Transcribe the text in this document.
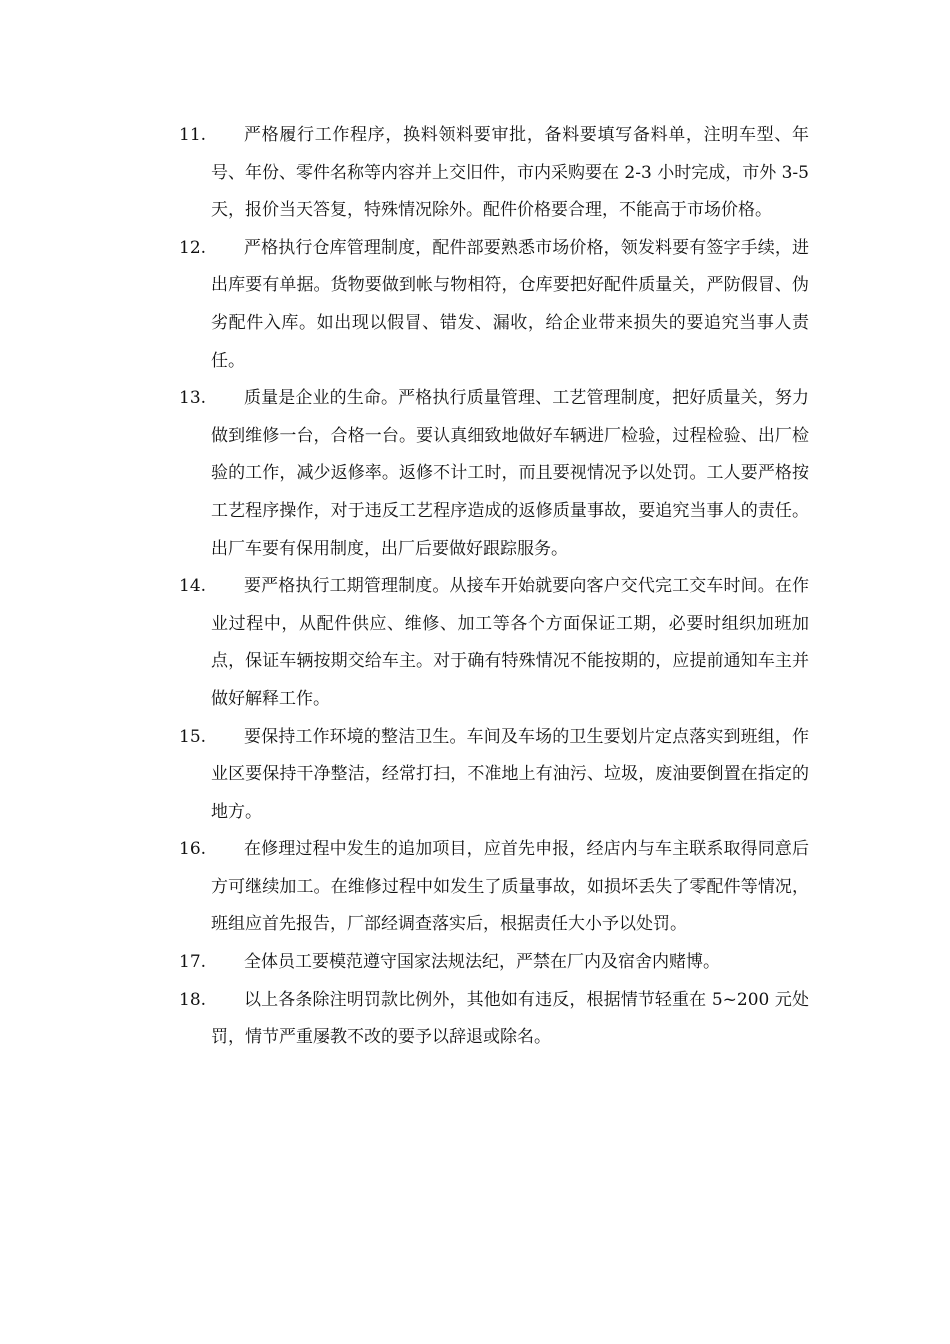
11.	严格履行工作程序，换料领料要审批，备料要填写备料单，注明车型、年号、年份、零件名称等内容并上交旧件，市内采购要在 2-3 小时完成，市外 3-5 天，报价当天答复，特殊情况除外。配件价格要合理，不能高于市场价格。
12.	严格执行仓库管理制度，配件部要熟悉市场价格，领发料要有签字手续，进出库要有单据。货物要做到帐与物相符，仓库要把好配件质量关，严防假冒、伪劣配件入库。如出现以假冒、错发、漏收，给企业带来损失的要追究当事人责任。
13.	质量是企业的生命。严格执行质量管理、工艺管理制度，把好质量关，努力做到维修一台，合格一台。要认真细致地做好车辆进厂检验，过程检验、出厂检验的工作，减少返修率。返修不计工时，而且要视情况予以处罚。工人要严格按工艺程序操作，对于违反工艺程序造成的返修质量事故，要追究当事人的责任。出厂车要有保用制度，出厂后要做好跟踪服务。
14.	要严格执行工期管理制度。从接车开始就要向客户交代完工交车时间。在作业过程中，从配件供应、维修、加工等各个方面保证工期，必要时组织加班加点，保证车辆按期交给车主。对于确有特殊情况不能按期的，应提前通知车主并做好解释工作。
15.	要保持工作环境的整洁卫生。车间及车场的卫生要划片定点落实到班组，作业区要保持干净整洁，经常打扫，不准地上有油污、垃圾，废油要倒置在指定的地方。
16.	在修理过程中发生的追加项目，应首先申报，经店内与车主联系取得同意后方可继续加工。在维修过程中如发生了质量事故，如损坏丢失了零配件等情况，班组应首先报告，厂部经调查落实后，根据责任大小予以处罚。
17.	全体员工要模范遵守国家法规法纪，严禁在厂内及宿舍内赌博。
18.	以上各条除注明罚款比例外，其他如有违反，根据情节轻重在 5~200 元处罚，情节严重屡教不改的要予以辞退或除名。
